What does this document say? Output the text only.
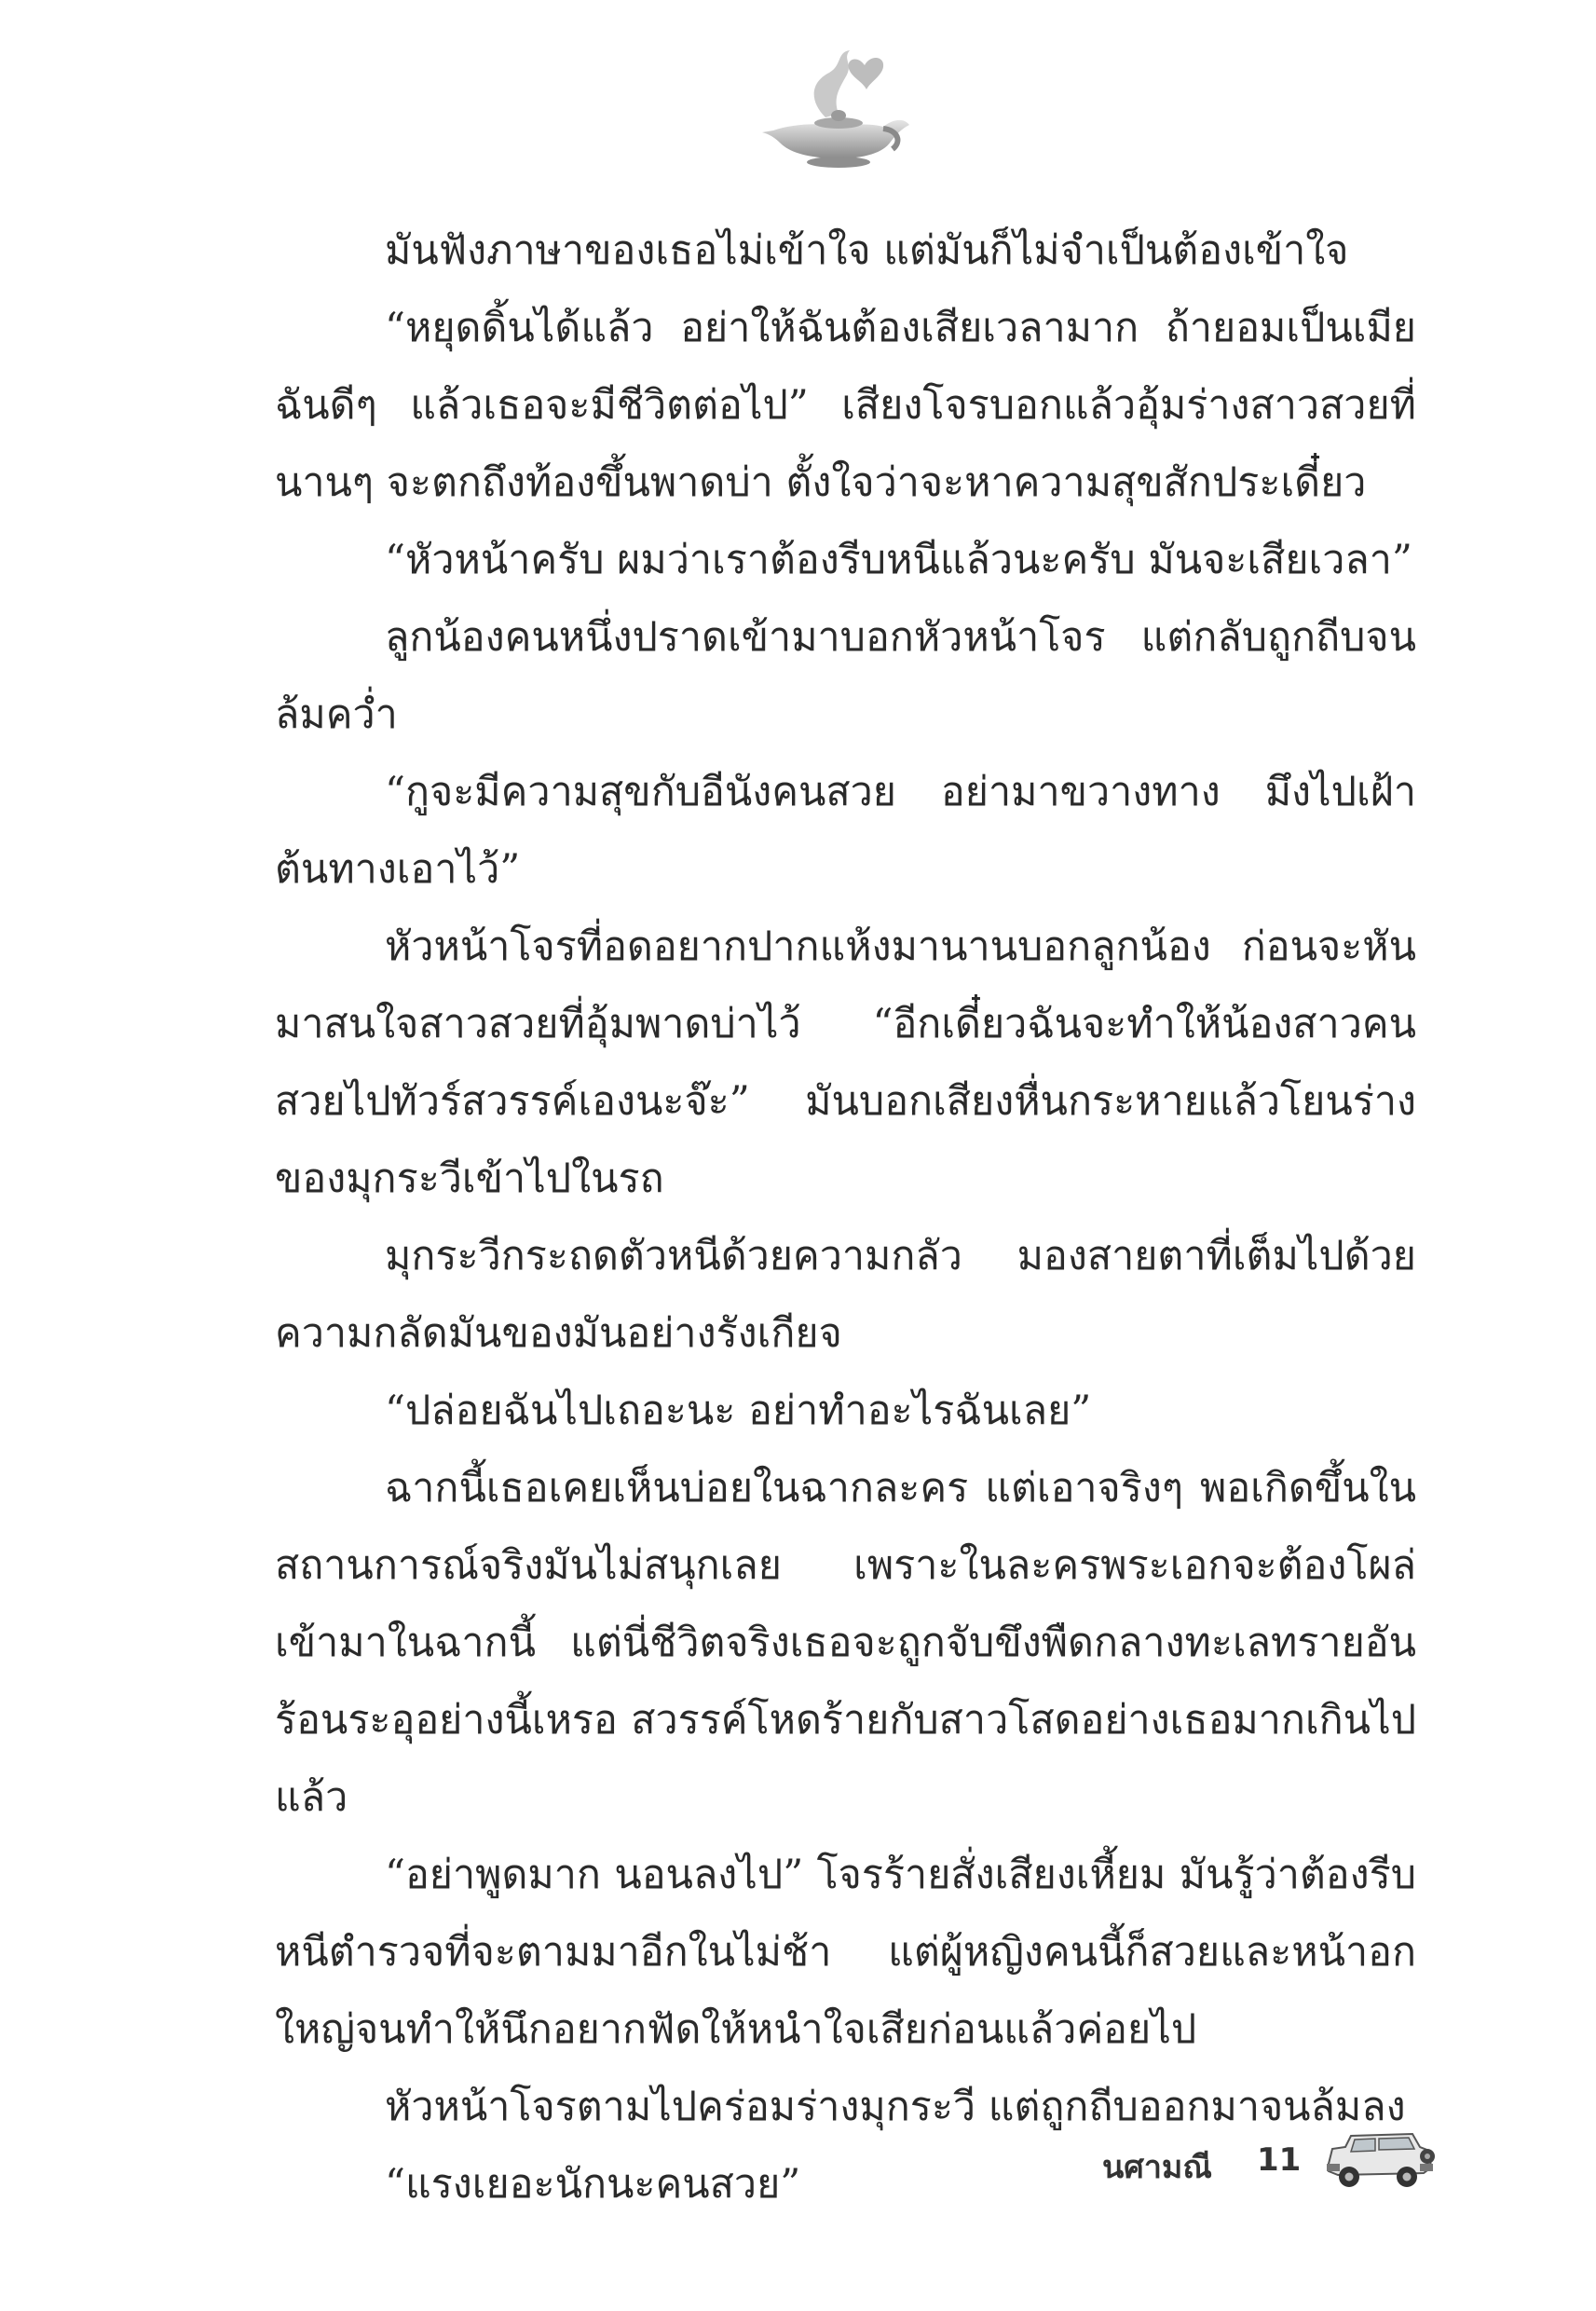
มันฟังภาษาของเธอไม่เข้าใจ แต่มันก็ไม่จำเป็นต้องเข้าใจ

“หยุดดิ้นได้แล้ว อย่าให้ฉันต้องเสียเวลามาก ถ้ายอมเป็นเมียฉันดีๆ แล้วเธอจะมีชีวิตต่อไป” เสียงโจรบอกแล้วอุ้มร่างสาวสวยที่นานๆ จะตกถึงท้องขึ้นพาดบ่า ตั้งใจว่าจะหาความสุขสักประเดี๋ยว

“หัวหน้าครับ ผมว่าเราต้องรีบหนีแล้วนะครับ มันจะเสียเวลา”

ลูกน้องคนหนึ่งปราดเข้ามาบอกหัวหน้าโจร แต่กลับถูกถีบจนล้มคว่ำ

“กูจะมีความสุขกับอีนังคนสวย อย่ามาขวางทาง มึงไปเฝ้าต้นทางเอาไว้”

หัวหน้าโจรที่อดอยากปากแห้งมานานบอกลูกน้อง ก่อนจะหันมาสนใจสาวสวยที่อุ้มพาดบ่าไว้ “อีกเดี๋ยวฉันจะทำให้น้องสาวคนสวยไปทัวร์สวรรค์เองนะจ๊ะ” มันบอกเสียงหื่นกระหายแล้วโยนร่างของมุกระวีเข้าไปในรถ

มุกระวีกระถดตัวหนีด้วยความกลัว มองสายตาที่เต็มไปด้วยความกลัดมันของมันอย่างรังเกียจ

“ปล่อยฉันไปเถอะนะ อย่าทำอะไรฉันเลย”

ฉากนี้เธอเคยเห็นบ่อยในฉากละคร แต่เอาจริงๆ พอเกิดขึ้นในสถานการณ์จริงมันไม่สนุกเลย เพราะในละครพระเอกจะต้องโผล่เข้ามาในฉากนี้ แต่นี่ชีวิตจริงเธอจะถูกจับขึงพืดกลางทะเลทรายอันร้อนระอุอย่างนี้เหรอ สวรรค์โหดร้ายกับสาวโสดอย่างเธอมากเกินไปแล้ว

“อย่าพูดมาก นอนลงไป” โจรร้ายสั่งเสียงเหี้ยม มันรู้ว่าต้องรีบหนีตำรวจที่จะตามมาอีกในไม่ช้า แต่ผู้หญิงคนนี้ก็สวยและหน้าอกใหญ่จนทำให้นึกอยากฟัดให้หนำใจเสียก่อนแล้วค่อยไป

หัวหน้าโจรตามไปคร่อมร่างมุกระวี แต่ถูกถีบออกมาจนล้มลง

“แรงเยอะนักนะคนสวย”	นศามณี 11
